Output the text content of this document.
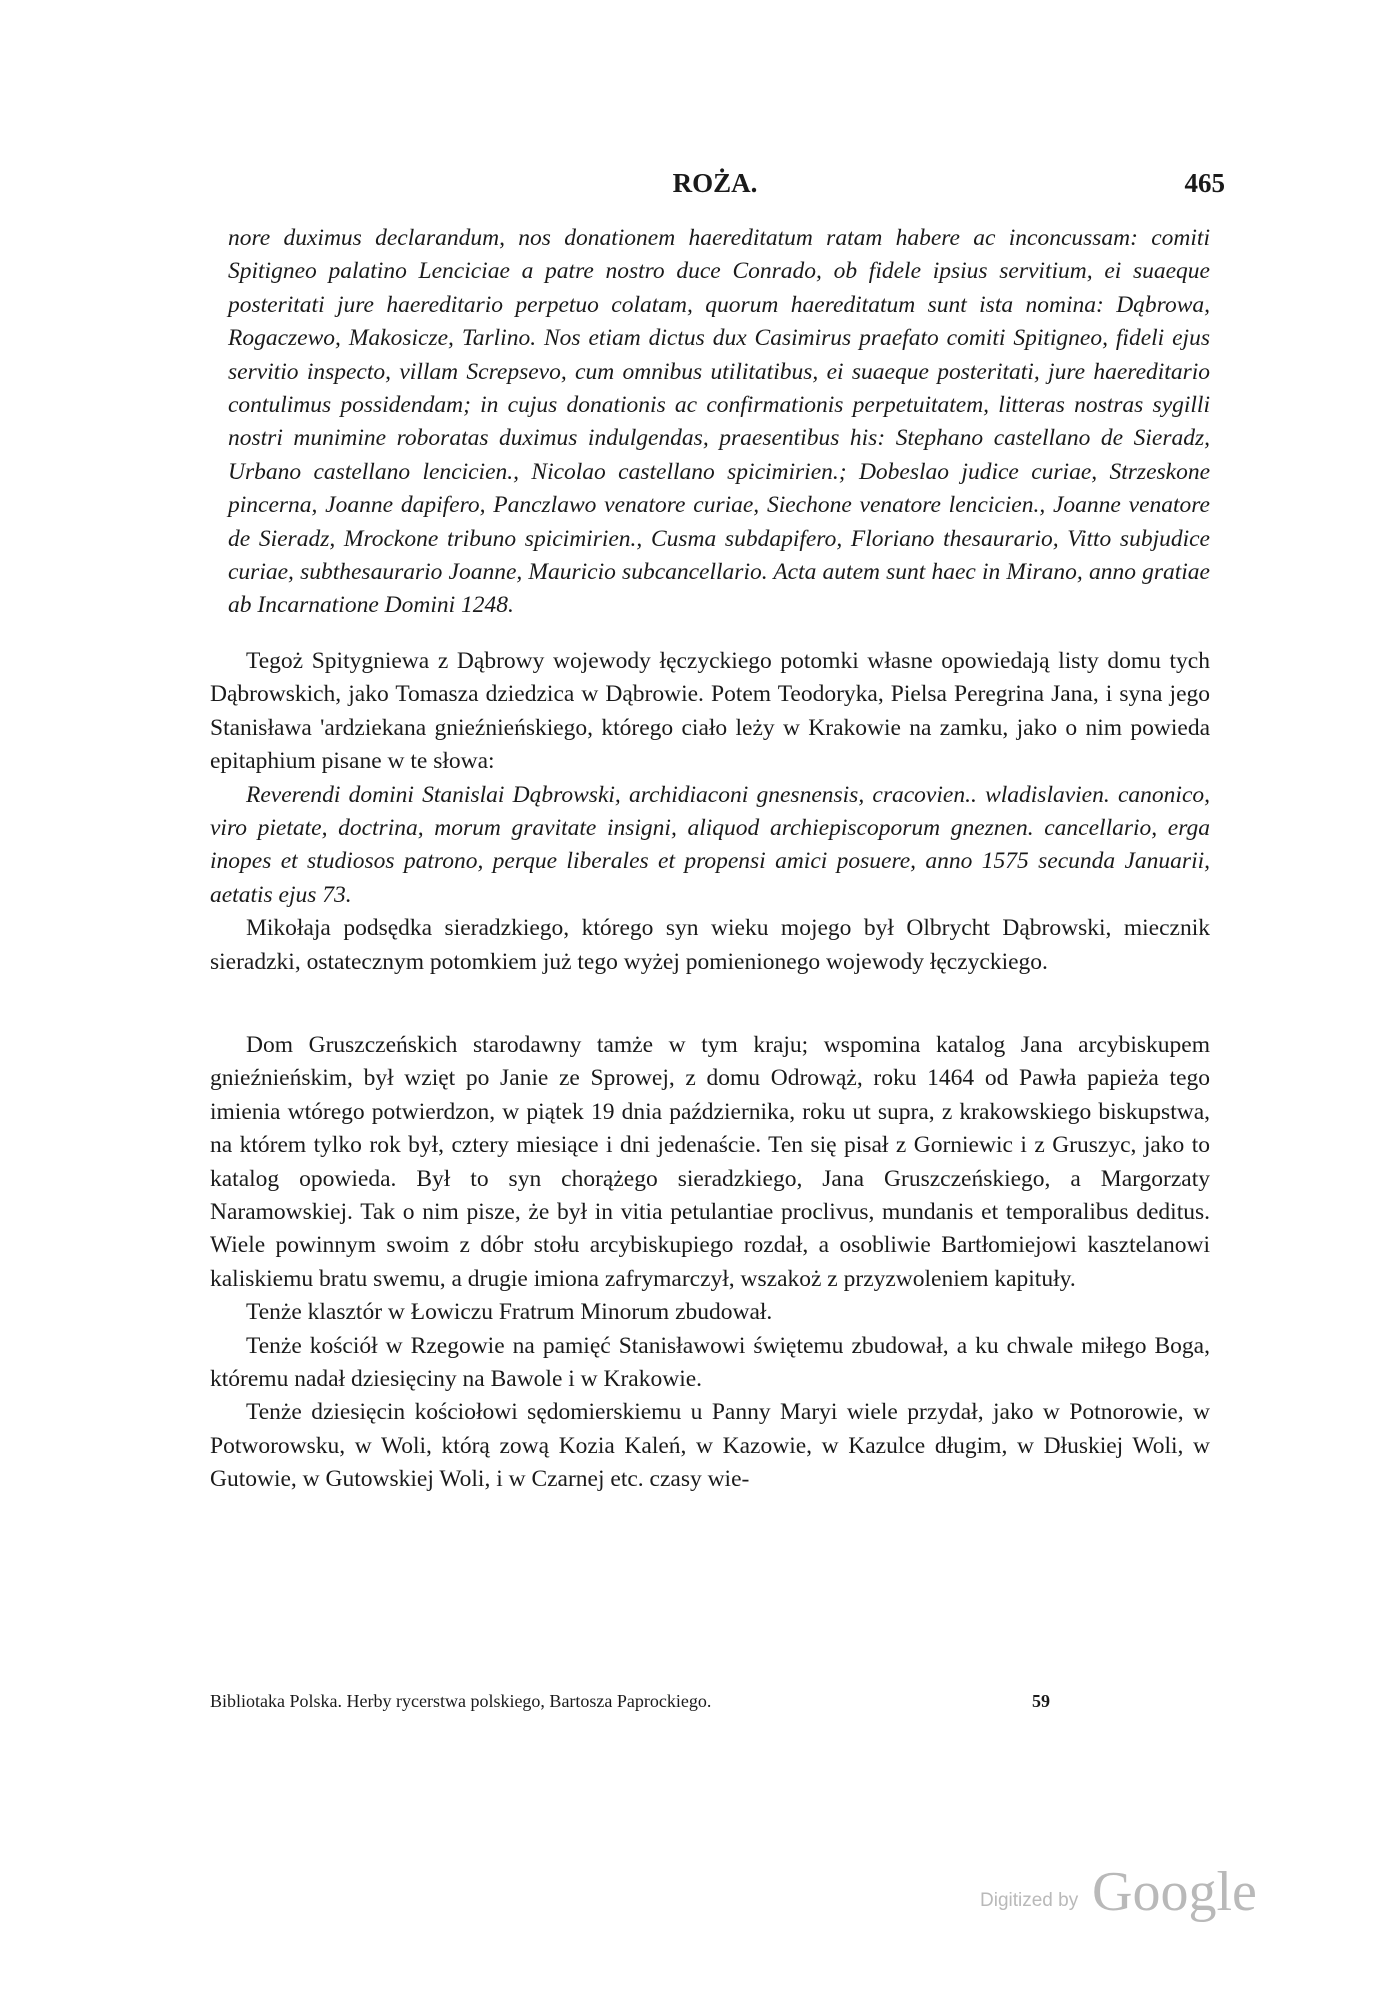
ROŻA.	465

nore duximus declarandum, nos donationem haereditatum ratam habere ac inconcussam: comiti Spitigneo palatino Lenciciae a patre nostro duce Conrado, ob fidele ipsius servitium, ei suaeque posteritati jure haereditario perpetuo colatam, quorum haereditatum sunt ista nomina: Dąbrowa, Rogaczewo, Makosicze, Tarlino. Nos etiam dictus dux Casimirus praefato comiti Spitigneo, fideli ejus servitio inspecto, villam Screpsevo, cum omnibus utilitatibus, ei suaeque posteritati, jure haereditario contulimus possidendam; in cujus donationis ac confirmationis perpetuitatem, litteras nostras sygilli nostri munimine roboratas duximus indulgendas, praesentibus his: Stephano castellano de Sieradz, Urbano castellano lencicien., Nicolao castellano spicimirien.; Dobeslao judice curiae, Strzeskone pincerna, Joanne dapifero, Panczlawo venatore curiae, Siechone venatore lencicien., Joanne venatore de Sieradz, Mrockone tribuno spicimirien., Cusma subdapifero, Floriano thesaurario, Vitto subjudice curiae, subthesaurario Joanne, Mauricio subcancellario. Acta autem sunt haec in Mirano, anno gratiae ab Incarnatione Domini 1248.

Tegoż Spitygniewa z Dąbrowy wojewody łęczyckiego potomki własne opowiedają listy domu tych Dąbrowskich, jako Tomasza dziedzica w Dąbrowie. Potem Teodoryka, Pielsa Peregrina Jana, i syna jego Stanisława 'ardziekana gnieźnieńskiego, którego ciało leży w Krakowie na zamku, jako o nim powieda epitaphium pisane w te słowa:

Reverendi domini Stanislai Dąbrowski, archidiaconi gnesnensis, cracovien.. wladislavien. canonico, viro pietate, doctrina, morum gravitate insigni, aliquod archiepiscoporum gneznen. cancellario, erga inopes et studiosos patrono, perque liberales et propensi amici posuere, anno 1575 secunda Januarii, aetatis ejus 73.

Mikołaja podsędka sieradzkiego, którego syn wieku mojego był Olbrycht Dąbrowski, miecznik sieradzki, ostatecznym potomkiem już tego wyżej pomienionego wojewody łęczyckiego.

Dom Gruszczeńskich starodawny tamże w tym kraju; wspomina katalog Jana arcybiskupem gnieźnieńskim, był wzięt po Janie ze Sprowej, z domu Odrowąż, roku 1464 od Pawła papieża tego imienia wtórego potwierdzon, w piątek 19 dnia października, roku ut supra, z krakowskiego biskupstwa, na którem tylko rok był, cztery miesiące i dni jedenaście. Ten się pisał z Gorniewic i z Gruszyc, jako to katalog opowieda. Był to syn chorążego sieradzkiego, Jana Gruszczeńskiego, a Margorzaty Naramowskiej. Tak o nim pisze, że był in vitia petulantiae proclivus, mundanis et temporalibus deditus. Wiele powinnym swoim z dóbr stołu arcybiskupiego rozdał, a osobliwie Bartłomiejowi kasztelanowi kaliskiemu bratu swemu, a drugie imiona zafrymarczył, wszakoż z przyzwoleniem kapituły.

Tenże klasztór w Łowiczu Fratrum Minorum zbudował.

Tenże kościół w Rzegowie na pamięć Stanisławowi świętemu zbudował, a ku chwale miłego Boga, któremu nadał dziesięciny na Bawole i w Krakowie.

Tenże dziesięcin kościołowi sędomierskiemu u Panny Maryi wiele przydał, jako w Potnorowie, w Potworowsku, w Woli, którą zową Kozia Kaleń, w Kazowie, w Kazulce długim, w Dłuskiej Woli, w Gutowie, w Gutowskiej Woli, i w Czarnej etc. czasy wie-

Bibliotaka Polska. Herby rycerstwa polskiego, Bartosza Paprockiego.	59
Digitized by Google
